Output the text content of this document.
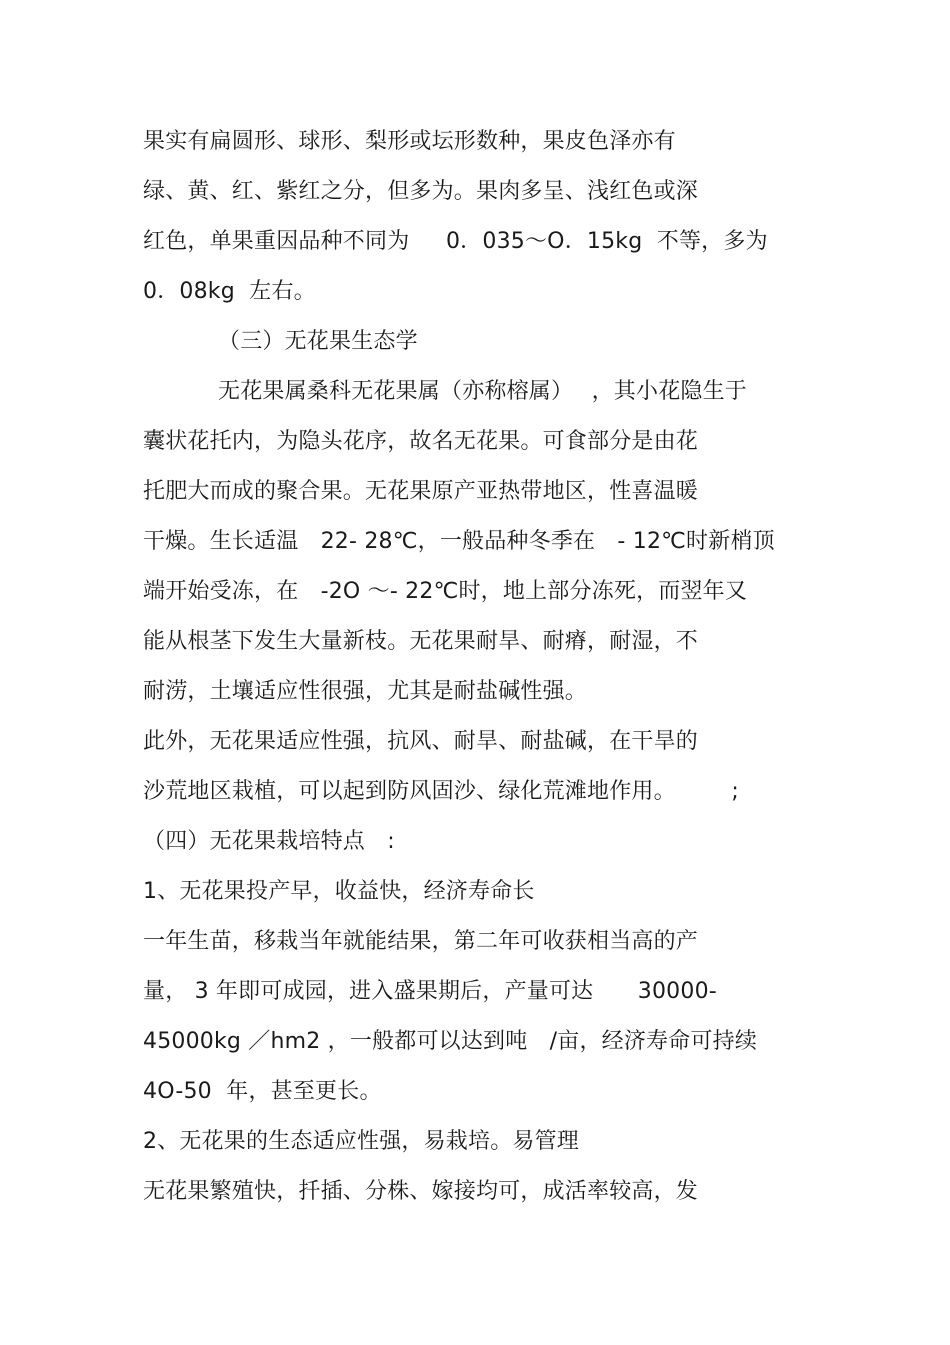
果实有扁圆形、球形、梨形或坛形数种，果皮色泽亦有
绿、黄、红、紫红之分，但多为。果肉多呈、浅红色或深
红色，单果重因品种不同为　  0．035～O．15kg  不等，多为
0．08kg  左右。
（三）无花果生态学
无花果属桑科无花果属（亦称榕属）　 ，其小花隐生于
囊状花托内，为隐头花序，故名无花果。可食部分是由花
托肥大而成的聚合果。无花果原产亚热带地区，性喜温暖
干燥。生长适温　22- 28℃，一般品种冬季在　- 12℃时新梢顶
端开始受冻，在　-2O ～- 22℃时，地上部分冻死，而翌年又
能从根茎下发生大量新枝。无花果耐旱、耐瘠，耐湿，不
耐涝，土壤适应性很强，尤其是耐盐碱性强。
此外，无花果适应性强，抗风、耐旱、耐盐碱，在干旱的
沙荒地区栽植，可以起到防风固沙、绿化荒滩地作用。　　　;
（四）无花果栽培特点　:
1、无花果投产早，收益快，经济寿命长
一年生苗，移栽当年就能结果，第二年可收获相当高的产
量， 3 年即可成园，进入盛果期后，产量可达　　30000-
45000kg ／hm2 ，一般都可以达到吨　/亩，经济寿命可持续
4O-50  年，甚至更长。
2、无花果的生态适应性强，易栽培。易管理
无花果繁殖快，扦插、分株、嫁接均可，成活率较高，发
